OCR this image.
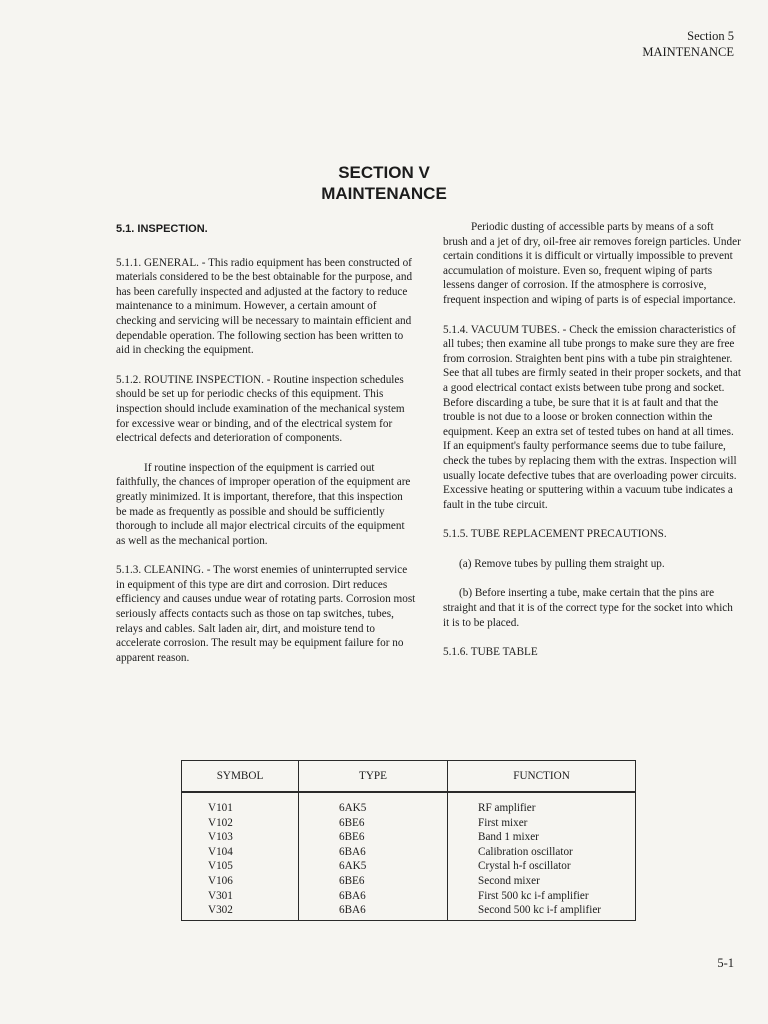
Section 5
MAINTENANCE
SECTION V
MAINTENANCE
5.1. INSPECTION.

5.1.1. GENERAL. - This radio equipment has been constructed of materials considered to be the best obtainable for the purpose, and has been carefully inspected and adjusted at the factory to reduce maintenance to a minimum. However, a certain amount of checking and servicing will be necessary to maintain efficient and dependable operation. The following section has been written to aid in checking the equipment.

5.1.2. ROUTINE INSPECTION. - Routine inspection schedules should be set up for periodic checks of this equipment. This inspection should include examination of the mechanical system for excessive wear or binding, and of the electrical system for electrical defects and deterioration of components.

If routine inspection of the equipment is carried out faithfully, the chances of improper operation of the equipment are greatly minimized. It is important, therefore, that this inspection be made as frequently as possible and should be sufficiently thorough to include all major electrical circuits of the equipment as well as the mechanical portion.

5.1.3. CLEANING. - The worst enemies of uninterrupted service in equipment of this type are dirt and corrosion. Dirt reduces efficiency and causes undue wear of rotating parts. Corrosion most seriously affects contacts such as those on tap switches, tubes, relays and cables. Salt laden air, dirt, and moisture tend to accelerate corrosion. The result may be equipment failure for no apparent reason.

Periodic dusting of accessible parts by means of a soft brush and a jet of dry, oil-free air removes foreign particles. Under certain conditions it is difficult or virtually impossible to prevent accumulation of moisture. Even so, frequent wiping of parts lessens danger of corrosion. If the atmosphere is corrosive, frequent inspection and wiping of parts is of especial importance.

5.1.4. VACUUM TUBES. - Check the emission characteristics of all tubes; then examine all tube prongs to make sure they are free from corrosion. Straighten bent pins with a tube pin straightener. See that all tubes are firmly seated in their proper sockets, and that a good electrical contact exists between tube prong and socket. Before discarding a tube, be sure that it is at fault and that the trouble is not due to a loose or broken connection within the equipment. Keep an extra set of tested tubes on hand at all times. If an equipment's faulty performance seems due to tube failure, check the tubes by replacing them with the extras. Inspection will usually locate defective tubes that are overloading power circuits. Excessive heating or sputtering within a vacuum tube indicates a fault in the tube circuit.

5.1.5. TUBE REPLACEMENT PRECAUTIONS.

(a) Remove tubes by pulling them straight up.

(b) Before inserting a tube, make certain that the pins are straight and that it is of the correct type for the socket into which it is to be placed.

5.1.6. TUBE TABLE

SYMBOL	TYPE	FUNCTION
V101	6AK5	RF amplifier
V102	6BE6	First mixer
V103	6BE6	Band 1 mixer
V104	6BA6	Calibration oscillator
V105	6AK5	Crystal h-f oscillator
V106	6BE6	Second mixer
V301	6BA6	First 500 kc i-f amplifier
V302	6BA6	Second 500 kc i-f amplifier
5-1
